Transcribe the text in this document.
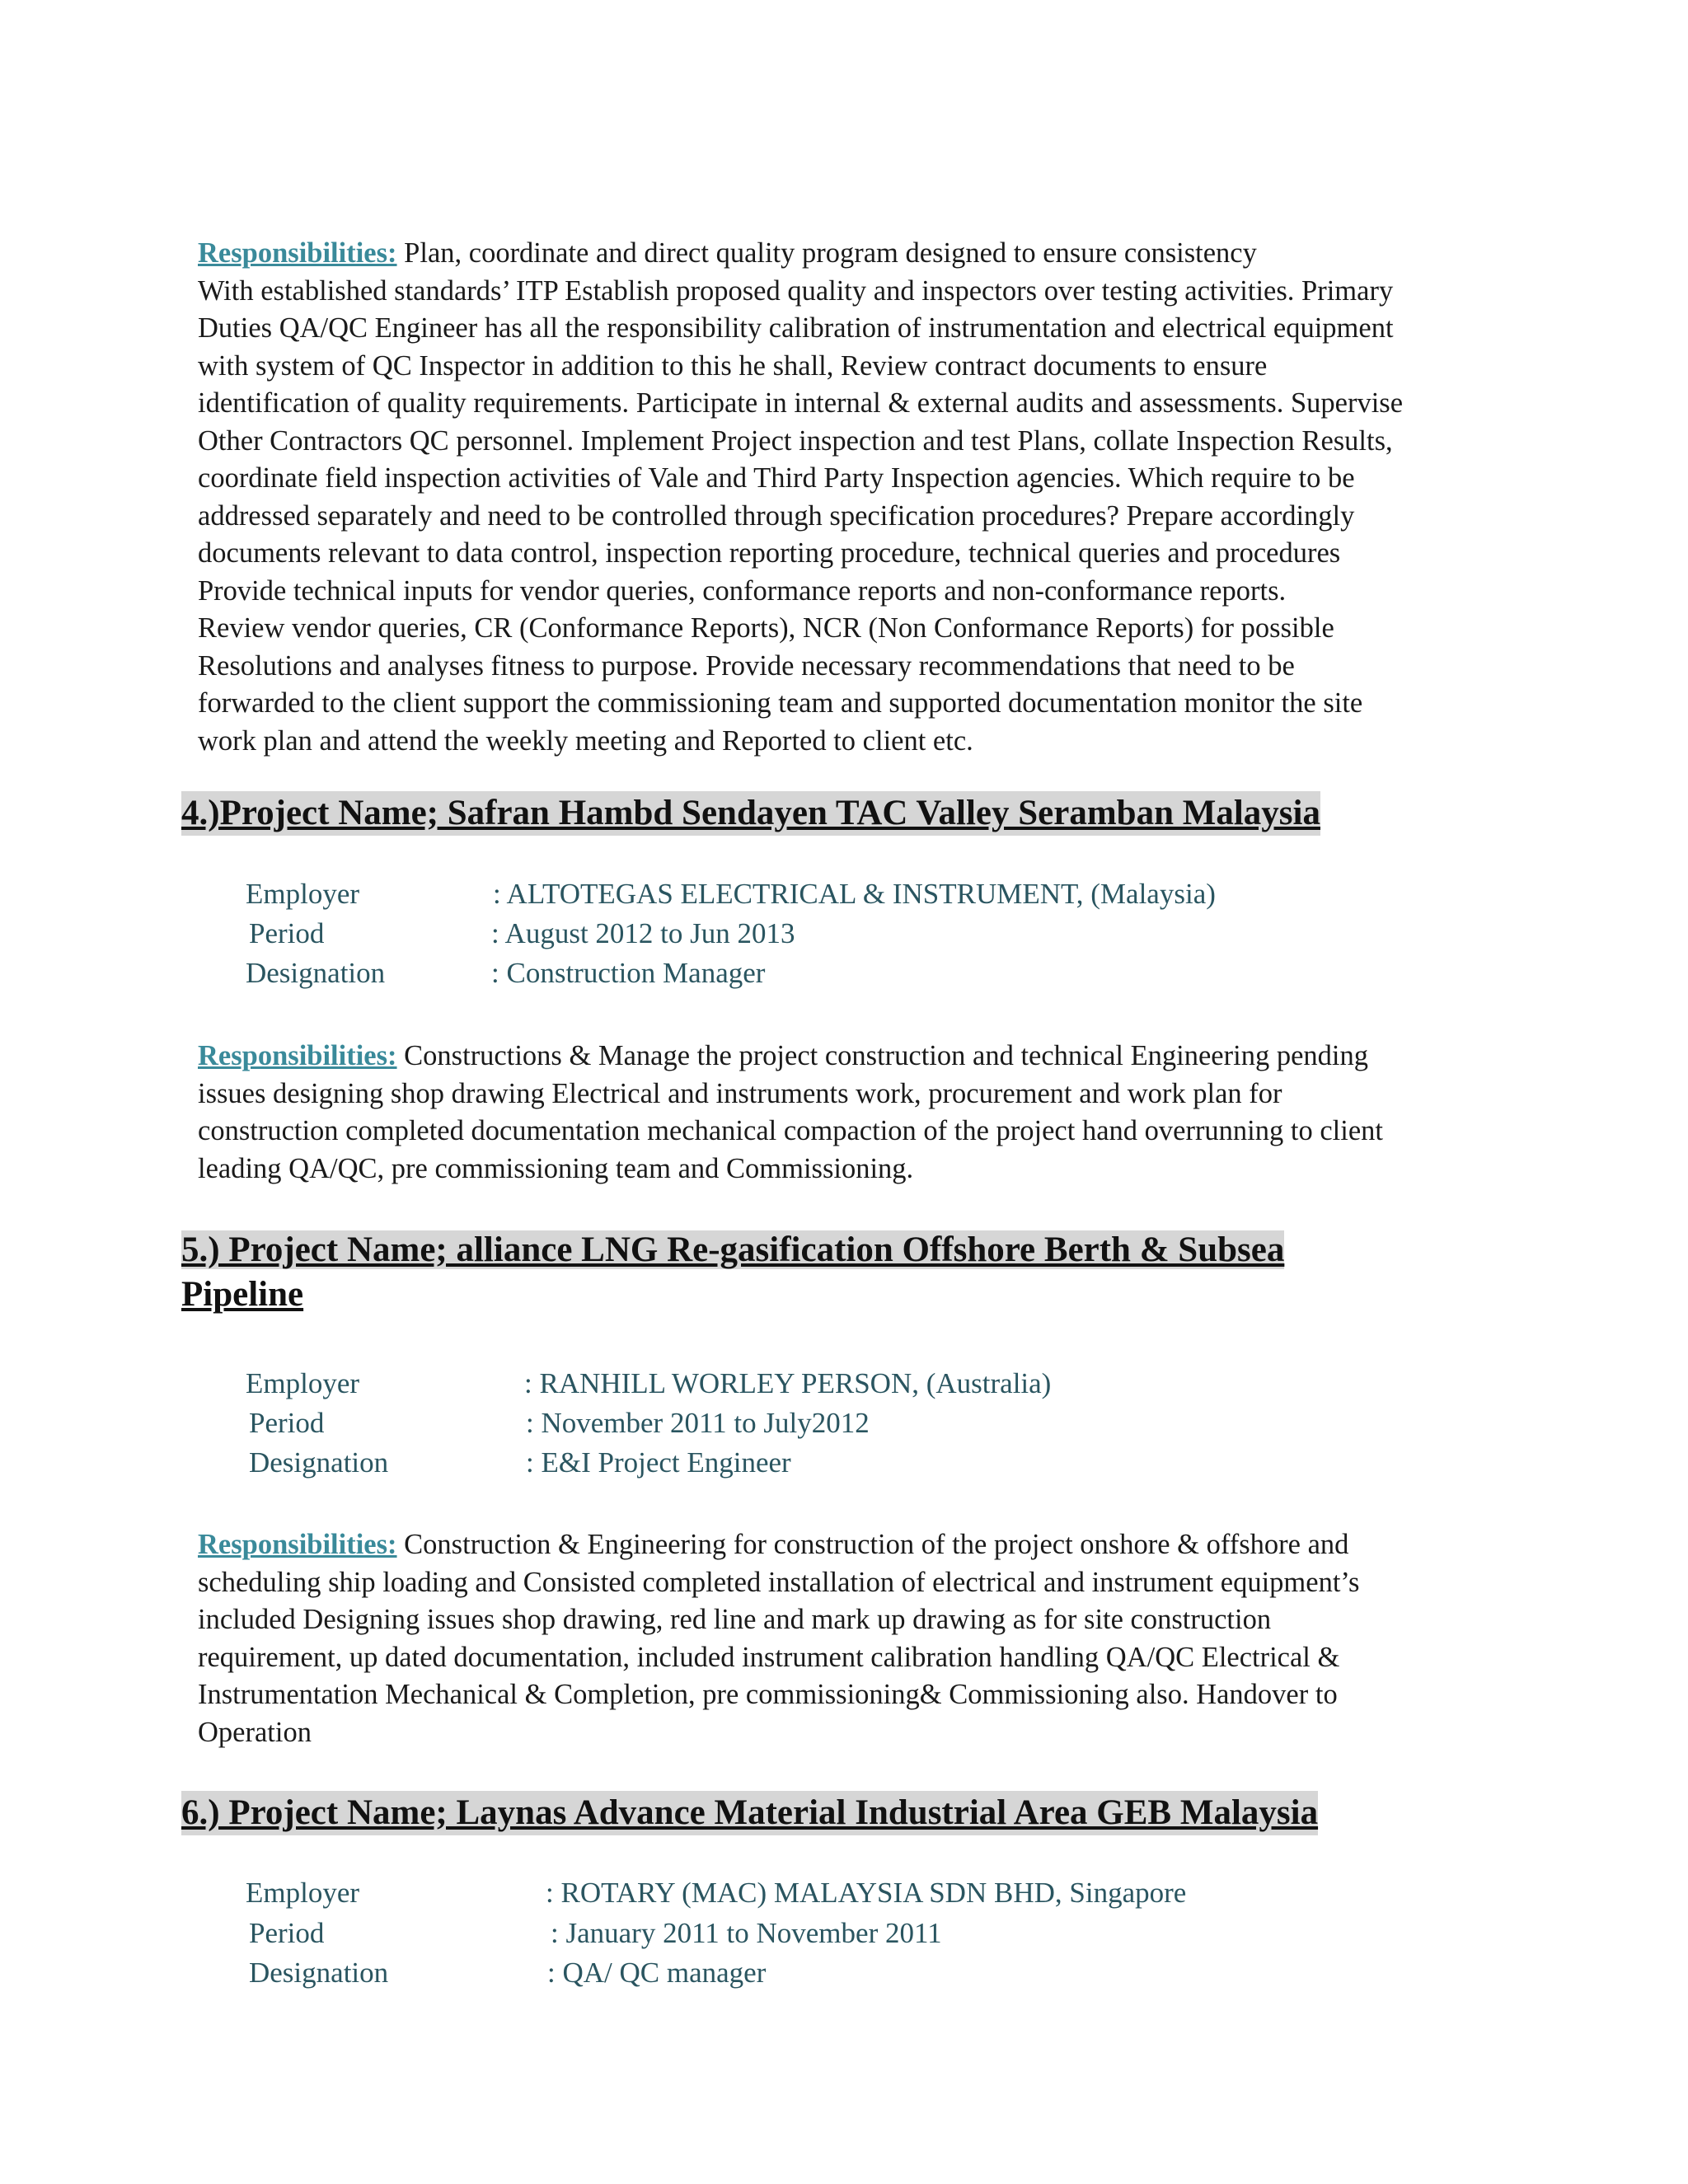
Responsibilities: Plan, coordinate and direct quality program designed to ensure consistency
With established standards’ ITP Establish proposed quality and inspectors over testing activities. Primary
Duties QA/QC Engineer has all the responsibility calibration of instrumentation and electrical equipment
with system of QC Inspector in addition to this he shall, Review contract documents to ensure
identification of quality requirements. Participate in internal & external audits and assessments. Supervise
Other Contractors QC personnel. Implement Project inspection and test Plans, collate Inspection Results,
coordinate field inspection activities of Vale and Third Party Inspection agencies. Which require to be
addressed separately and need to be controlled through specification procedures? Prepare accordingly
documents relevant to data control, inspection reporting procedure, technical queries and procedures
Provide technical inputs for vendor queries, conformance reports and non-conformance reports.
Review vendor queries, CR (Conformance Reports), NCR (Non Conformance Reports) for possible
Resolutions and analyses fitness to purpose. Provide necessary recommendations that need to be
forwarded to the client support the commissioning team and supported documentation monitor the site
work plan and attend the weekly meeting and Reported to client etc.
4.)Project Name; Safran Hambd Sendayen TAC Valley Seramban Malaysia
Employer	: ALTOTEGAS ELECTRICAL & INSTRUMENT, (Malaysia)
Period	: August 2012 to Jun 2013
Designation	: Construction Manager
Responsibilities: Constructions & Manage the project construction and technical Engineering pending
issues designing shop drawing Electrical and instruments work, procurement and work plan for
construction completed documentation mechanical compaction of the project hand overrunning to client
leading QA/QC, pre commissioning team and Commissioning.
5.) Project Name; alliance LNG Re-gasification Offshore Berth & Subsea
Pipeline
Employer	: RANHILL WORLEY PERSON, (Australia)
Period	: November 2011 to July2012
Designation	: E&I Project Engineer
Responsibilities: Construction & Engineering for construction of the project onshore & offshore and
scheduling ship loading and Consisted completed installation of electrical and instrument equipment’s
included Designing issues shop drawing, red line and mark up drawing as for site construction
requirement, up dated documentation, included instrument calibration handling QA/QC Electrical &
Instrumentation Mechanical & Completion, pre commissioning& Commissioning also. Handover to
Operation
6.) Project Name; Laynas Advance Material Industrial Area GEB Malaysia
Employer	: ROTARY (MAC) MALAYSIA SDN BHD, Singapore
Period	: January 2011 to November 2011
Designation	: QA/ QC manager
